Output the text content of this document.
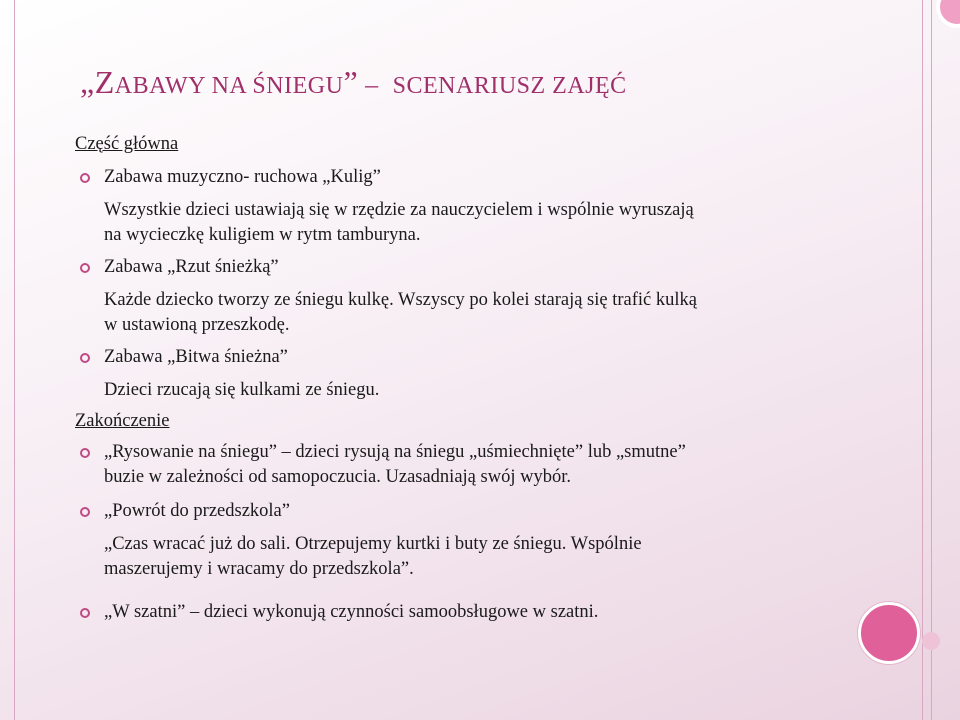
„ZABAWY NA ŚNIEGU” –  SCENARIUSZ ZAJĘĆ

Część główna

Zabawa muzyczno- ruchowa „Kulig”

Wszystkie dzieci ustawiają się w rzędzie za nauczycielem i wspólnie wyruszają
na wycieczkę kuligiem w rytm tamburyna.

Zabawa „Rzut śnieżką”

Każde dziecko tworzy ze śniegu kulkę. Wszyscy po kolei starają się trafić kulką
w ustawioną przeszkodę.

Zabawa „Bitwa śnieżna”

Dzieci rzucają się kulkami ze śniegu.

Zakończenie

„Rysowanie na śniegu” – dzieci rysują na śniegu „uśmiechnięte” lub „smutne”
buzie w zależności od samopoczucia. Uzasadniają swój wybór.

„Powrót do przedszkola”

„Czas wracać już do sali. Otrzepujemy kurtki i buty ze śniegu. Wspólnie
maszerujemy i wracamy do przedszkola”.

„W szatni” – dzieci wykonują czynności samoobsługowe w szatni.
